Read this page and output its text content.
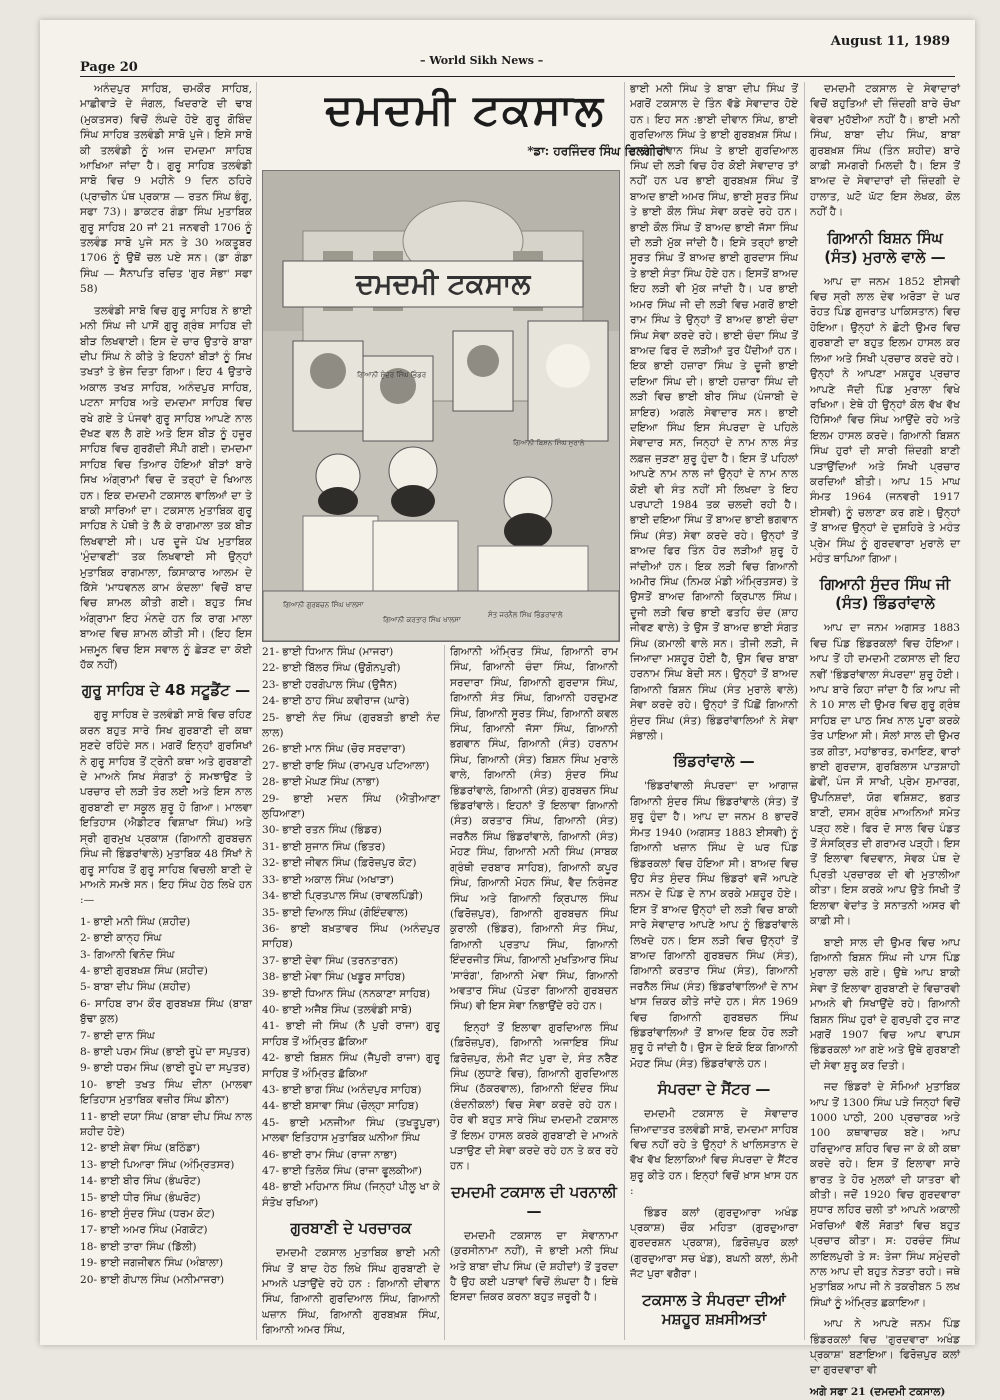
August 11, 1989
Page 20	– World Sikh News –
ਦਮਦਮੀ ਟਕਸਾਲ
*ਡਾ: ਹਰਜਿੰਦਰ ਸਿੰਘ ਦਿਲਗੀਰ*
ਦਮਦਮੀ ਟਕਸਾਲ
ਗਿਆਨੀ ਸੁੰਦਰ ਸਿੰਘ ਭਿੰਡਰ
ਗਿਆਨੀ ਗੁਰਬਚਨ ਸਿੰਘ ਖਾਲਸਾ
ਗਿਆਨੀ ਕਰਤਾਰ ਸਿੰਘ ਖਾਲਸਾ
ਸੰਤ ਜਰਨੈਲ ਸਿੰਘ ਭਿੰਡਰਾਂਵਾਲੇ
ਗਿਆਨੀ ਬਿਸ਼ਨ ਸਿੰਘ ਮੁਰਾਲੇ

ਅਨੰਦਪੁਰ ਸਾਹਿਬ, ਚਮਕੌਰ ਸਾਹਿਬ, ਮਾਛੀਵਾੜੇ ਦੇ ਜੰਗਲ, ਖਿਦਰਾਣੇ ਦੀ ਢਾਬ (ਮੁਕਤਸਰ) ਵਿਚੋਂ ਲੰਘਦੇ ਹੋਏ ਗੁਰੂ ਗੋਬਿੰਦ ਸਿੰਘ ਸਾਹਿਬ ਤਲਵੰਡੀ ਸਾਬੋ ਪੁਜੇ। ਇਸੇ ਸਾਬੋ ਕੀ ਤਲਵੰਡੀ ਨੂੰ ਅਜ ਦਮਦਮਾ ਸਾਹਿਬ ਆਖਿਆ ਜਾਂਦਾ ਹੈ। ਗੁਰੂ ਸਾਹਿਬ ਤਲਵੰਡੀ ਸਾਬੋ ਵਿਚ 9 ਮਹੀਨੇ 9 ਦਿਨ ਠਹਿਰੇ (ਪ੍ਰਾਚੀਨ ਪੰਥ ਪ੍ਰਕਾਸ਼ — ਰਤਨ ਸਿੰਘ ਭੰਗੂ, ਸਫਾ 73)। ਡਾਕਟਰ ਗੰਡਾ ਸਿੰਘ ਮੁਤਾਬਿਕ ਗੁਰੂ ਸਾਹਿਬ 20 ਜਾਂ 21 ਜਨਵਰੀ 1706 ਨੂੰ ਤਲਵੰਡ ਸਾਬੋ ਪੁਜੇ ਸਨ ਤੇ 30 ਅਕਤੂਬਰ 1706 ਨੂੰ ਉਥੋਂ ਚਲ ਪਏ ਸਨ। (ਡਾ ਗੰਡਾ ਸਿੰਘ — ਸੈਨਾਪਤਿ ਰਚਿਤ 'ਗੁਰ ਸੋਭਾ' ਸਫਾ 58)

ਤਲਵੰਡੀ ਸਾਬੋ ਵਿਚ ਗੁਰੂ ਸਾਹਿਬ ਨੇ ਭਾਈ ਮਨੀ ਸਿੰਘ ਜੀ ਪਾਸੋਂ ਗੁਰੂ ਗ੍ਰੰਥ ਸਾਹਿਬ ਦੀ ਬੀੜ ਲਿਖਵਾਈ। ਇਸ ਦੇ ਚਾਰ ਉਤਾਰੇ ਬਾਬਾ ਦੀਪ ਸਿੰਘ ਨੇ ਕੀਤੇ ਤੇ ਇਹਨਾਂ ਬੀੜਾਂ ਨੂੰ ਸਿਖ ਤਖਤਾਂ ਤੇ ਭੇਜ ਦਿਤਾ ਗਿਆ। ਇਹ 4 ਉਤਾਰੇ ਅਕਾਲ ਤਖਤ ਸਾਹਿਬ, ਅਨੰਦਪੁਰ ਸਾਹਿਬ, ਪਟਨਾ ਸਾਹਿਬ ਅਤੇ ਦਮਦਮਾ ਸਾਹਿਬ ਵਿਚ ਰਖੇ ਗਏ ਤੇ ਪੰਜਵਾਂ ਗੁਰੂ ਸਾਹਿਬ ਆਪਣੇ ਨਾਲ ਦੱਖਣ ਵਲ ਲੈ ਗਏ ਅਤੇ ਇਸ ਬੀੜ ਨੂੰ ਹਜ਼ੂਰ ਸਾਹਿਬ ਵਿਚ ਗੁਰਗੱਦੀ ਸੌਂਪੀ ਗਈ। ਦਮਦਮਾ ਸਾਹਿਬ ਵਿਚ ਤਿਆਰ ਹੋਇਆਂ ਬੀੜਾਂ ਬਾਰੇ ਸਿਖ ਅੰਗ੍ਰਾਮਾਂ ਵਿਚ ਦੋ ਤਰ੍ਹਾਂ ਦੇ ਖਿਆਲ ਹਨ। ਇਕ ਦਮਦਮੀ ਟਕਸਾਲ ਵਾਲਿਆਂ ਦਾ ਤੇ ਬਾਕੀ ਸਾਰਿਆਂ ਦਾ। ਟਕਸਾਲ ਮੁਤਾਬਿਕ ਗੁਰੂ ਸਾਹਿਬ ਨੇ ਪੋਥੀ ਤੇ ਲੈ ਕੇ ਰਾਗਮਾਲਾ ਤਕ ਬੀੜ ਲਿਖਵਾਈ ਸੀ। ਪਰ ਦੂਜੇ ਪੱਖ ਮੁਤਾਬਿਕ 'ਮੁੰਦਾਵਣੀ' ਤਕ ਲਿਖਵਾਈ ਸੀ ਉਨ੍ਹਾਂ ਮੁਤਾਬਿਕ ਰਾਗਮਾਲਾ, ਕਿਸਾਕਾਰ ਆਲਮ ਦੇ ਕਿੱਸੇ 'ਮਾਧਵਨਲ ਕਾਮ ਕੰਦਲਾ' ਵਿਚੋਂ ਬਾਦ ਵਿਚ ਸ਼ਾਮਲ ਕੀਤੀ ਗਈ। ਬਹੁਤ ਸਿਖ ਅੰਗ੍ਰਾਮਾ ਇਹ ਮੰਨਦੇ ਹਨ ਕਿ ਰਾਗ ਮਾਲਾ ਬਾਅਦ ਵਿਚ ਸ਼ਾਮਲ ਕੀਤੀ ਸੀ। (ਇਹ ਇਸ ਮਜ਼ਮੂਨ ਵਿਚ ਇਸ ਸਵਾਲ ਨੂੰ ਛੇੜਣ ਦਾ ਕੋਈ ਹੱਕ ਨਹੀਂ)

ਗੁਰੂ ਸਾਹਿਬ ਦੇ 48 ਸਟੂਡੈਂਟ —

ਗੁਰੂ ਸਾਹਿਬ ਦੇ ਤਲਵੰਡੀ ਸਾਬੋ ਵਿਚ ਰਹਿਣ ਕਰਨ ਬਹੁਤ ਸਾਰੇ ਸਿਖ ਗੁਰਬਾਣੀ ਦੀ ਕਥਾ ਸੁਣਦੇ ਰਹਿੰਦੇ ਸਨ। ਮਗਰੋਂ ਇਨ੍ਹਾਂ ਗੁਰਸਿਖਾਂ ਨੇ ਗੁਰੂ ਸਾਹਿਬ ਤੋਂ ਟ੍ਰੇਨੀ ਕਥਾ ਅਤੇ ਗੁਰਬਾਣੀ ਦੇ ਮਾਅਨੇ ਸਿਖ ਸੰਗਤਾਂ ਨੂੰ ਸਮਝਾਉਣ ਤੇ ਪਰਚਾਰ ਦੀ ਲੜੀ ਤੋਰ ਲਈ ਅਤੇ ਇਸ ਨਾਲ ਗੁਰਬਾਣੀ ਦਾ ਸਕੂਲ ਸ਼ੁਰੂ ਹੋ ਗਿਆ। ਮਾਲਵਾ ਇਤਿਹਾਸ (ਐਡੀਟਰ ਵਿਸ਼ਾਖਾ ਸਿੰਘ) ਅਤੇ ਸ੍ਰੀ ਗੁਰਮੁਖ ਪ੍ਰਕਾਸ਼ (ਗਿਆਨੀ ਗੁਰਬਚਨ ਸਿੰਘ ਜੀ ਭਿੰਡਰਾਂਵਾਲੇ) ਮੁਤਾਬਿਕ 48 ਸਿੱਖਾਂ ਨੇ ਗੁਰੂ ਸਾਹਿਬ ਤੋਂ ਗੁਰੂ ਸਾਹਿਬ ਵਿਚਲੀ ਬਾਣੀ ਦੇ ਮਾਅਨੇ ਸਮਝੇ ਸਨ। ਇਹ ਸਿੰਘ ਹੇਠ ਲਿਖੇ ਹਨ :—

1- ਭਾਈ ਮਨੀ ਸਿੰਘ (ਸ਼ਹੀਦ)
2- ਭਾਈ ਕਾਨ੍ਹ ਸਿੰਘ
3- ਗਿਆਨੀ ਵਿਨੋਦ ਸਿੰਘ
4- ਭਾਈ ਗੁਰਬਖਸ਼ ਸਿੰਘ (ਸ਼ਹੀਦ)
5- ਬਾਬਾ ਦੀਪ ਸਿੰਘ (ਸ਼ਹੀਦ)
6- ਸਾਹਿਬ ਰਾਮ ਕੌਰ ਗੁਰਬਖਸ਼ ਸਿੰਘ (ਬਾਬਾ ਬੁੱਢਾ ਕੁਲ)
7- ਭਾਈ ਦਾਨ ਸਿੰਘ
8- ਭਾਈ ਪਰਮ ਸਿੰਘ (ਭਾਈ ਰੂਪੇ ਦਾ ਸਪੁਤਰ)
9- ਭਾਈ ਧਰਮ ਸਿੰਘ (ਭਾਈ ਰੂਪੇ ਦਾ ਸਪੁਤਰ)
10- ਭਾਈ ਤਖਤ ਸਿੰਘ ਦੀਨਾ (ਮਾਲਵਾ ਇਤਿਹਾਸ ਮੁਤਾਬਿਕ ਵਜ਼ੀਰ ਸਿੰਘ ਡੀਨਾ)
11- ਭਾਈ ਦਯਾ ਸਿੰਘ (ਬਾਬਾ ਦੀਪ ਸਿੰਘ ਨਾਲ ਸ਼ਹੀਦ ਹੋਏ)
12- ਭਾਈ ਸ਼ੇਵਾ ਸਿੰਘ (ਬਠਿੰਡਾ)
13- ਭਾਈ ਪਿਆਰਾ ਸਿੰਘ (ਅੰਮ੍ਰਿਤਸਰ)
14- ਭਾਈ ਬੀਰ ਸਿੰਘ (ਭੰਘਰੋਟ)
15- ਭਾਈ ਧੀਰ ਸਿੰਘ (ਭੰਘਰੋਟ)
16- ਭਾਈ ਸੁੰਦਰ ਸਿੰਘ (ਧਰਮ ਕੋਟ)
17- ਭਾਈ ਅਮਰ ਸਿੰਘ (ਮੋਗਕੋਟ)
18- ਭਾਈ ਤਾਰਾ ਸਿੰਘ (ਡਿੱਲੀ)
19- ਭਾਈ ਜਗਜੀਵਨ ਸਿੰਘ (ਅੰਬਾਲਾ)
20- ਭਾਈ ਗੋਪਾਲ ਸਿੰਘ (ਮਨੀਮਾਜਰਾ)
21- ਭਾਈ ਧਿਆਨ ਸਿੰਘ (ਮਾਜਰਾ)
22- ਭਾਈ ਬਿੱਲਰ ਸਿੰਘ (ਉਗੋਨਪੁਰੀ)
23- ਭਾਈ ਹਰਗੋਪਾਲ ਸਿੰਘ (ਉਜੈਨ)
24- ਭਾਈ ਠਾਹ ਸਿੰਘ ਕਵੀਰਾਜ (ਘਾਰੇ)
25- ਭਾਈ ਨੰਦ ਸਿੰਘ (ਗੁਰਬਤੀ ਭਾਈ ਨੰਦ ਲਾਲ)
26- ਭਾਈ ਮਾਨ ਸਿੰਘ (ਚੋਰ ਸਰਦਾਰਾ)
27- ਭਾਈ ਰਾਇ ਸਿੰਘ (ਰਾਮਪੁਰ ਪਟਿਆਲਾ)
28- ਭਾਈ ਮੇਘਣ ਸਿੰਘ (ਨਾਭਾ)
29- ਭਾਈ ਮਦਨ ਸਿੰਘ (ਐਤੀਆਣਾ ਲੁਧਿਆਣਾ)
30- ਭਾਈ ਰਤਨ ਸਿੰਘ (ਭਿੰਡਰ)
31- ਭਾਈ ਸੁਜਾਨ ਸਿੰਘ (ਭਿਤਰ)
32- ਭਾਈ ਜੀਵਨ ਸਿੰਘ (ਫ਼ਿਰੋਜ਼ਪੁਰ ਕੋਟ)
33- ਭਾਈ ਅਕਾਲ ਸਿੰਘ (ਅਖਾੜਾ)
34- ਭਾਈ ਪ੍ਰਿਤਪਾਲ ਸਿੰਘ (ਰਾਵਲਪਿੰਡੀ)
35- ਭਾਈ ਦਿਆਲ ਸਿੰਘ (ਗੋਇੰਦਵਾਲ)
36- ਭਾਈ ਬਖ਼ਤਾਵਰ ਸਿੰਘ (ਅਨੰਦਪੁਰ ਸਾਹਿਬ)
37- ਭਾਈ ਦੇਵਾ ਸਿੰਘ (ਤਰਨਤਾਰਨ)
38- ਭਾਈ ਮੇਵਾ ਸਿੰਘ (ਖਡੂਰ ਸਾਹਿਬ)
39- ਭਾਈ ਧਿਆਨ ਸਿੰਘ (ਨਨਕਾਣਾ ਸਾਹਿਬ)
40- ਭਾਈ ਅਜੈਬ ਸਿੰਘ (ਤਲਵੰਡੀ ਸਾਬੋ)
41- ਭਾਈ ਜੀ ਸਿੰਘ (ਨੈ ਪੁਰੀ ਰਾਜਾ) ਗੁਰੂ ਸਾਹਿਬ ਤੋਂ ਅੰਮ੍ਰਿਤ ਛੱਕਿਆ
42- ਭਾਈ ਬਿਸ਼ਨ ਸਿੰਘ (ਜੈਪੁਰੀ ਰਾਜਾ) ਗੁਰੂ ਸਾਹਿਬ ਤੋਂ ਅੰਮ੍ਰਿਤ ਛੱਕਿਆ
43- ਭਾਈ ਭਾਗ ਸਿੰਘ (ਅਨੰਦਪੁਰ ਸਾਹਿਬ)
44- ਭਾਈ ਬਸਾਵਾ ਸਿੰਘ (ਚੋਲ੍ਹਾ ਸਾਹਿਬ)
45- ਭਾਈ ਮਨਜੀਆ ਸਿੰਘ (ਤਖਤੂਪੁਰਾ) ਮਾਲਵਾ ਇਤਿਹਾਸ ਮੁਤਾਬਿਕ ਘਨੀਆ ਸਿੰਘ
46- ਭਾਈ ਰਾਮ ਸਿੰਘ (ਰਾਜਾ ਨਾਭਾ)
47- ਭਾਈ ਤਿਲੋਕ ਸਿੰਘ (ਰਾਜਾ ਫੂਲਕੀਆ)
48- ਭਾਈ ਮਹਿਮਾਨ ਸਿੰਘ (ਜਿਨ੍ਹਾਂ ਪੀਲੂ ਖਾ ਕੇ ਸੰਤੋਖ ਰਖਿਆ)
ਗੁਰਬਾਣੀ ਦੇ ਪਰਚਾਰਕ

ਦਮਦਮੀ ਟਕਸਾਲ ਮੁਤਾਬਿਕ ਭਾਈ ਮਨੀ ਸਿੰਘ ਤੋਂ ਬਾਦ ਹੇਠ ਲਿਖੇ ਸਿੰਘ ਗੁਰਬਾਣੀ ਦੇ ਮਾਅਨੇ ਪੜਾਉਂਦੇ ਰਹੇ ਹਨ : ਗਿਆਨੀ ਦੀਵਾਨ ਸਿੰਘ, ਗਿਆਨੀ ਗੁਰਦਿਆਲ ਸਿੰਘ, ਗਿਆਨੀ ਘਜ਼ਾਨ ਸਿੰਘ, ਗਿਆਨੀ ਗੁਰਬਖ਼ਸ਼ ਸਿੰਘ, ਗਿਆਨੀ ਅਮਰ ਸਿੰਘ,

ਗਿਆਨੀ ਅੰਮ੍ਰਿਤ ਸਿੰਘ, ਗਿਆਨੀ ਰਾਮ ਸਿੰਘ, ਗਿਆਨੀ ਚੰਦਾ ਸਿੰਘ, ਗਿਆਨੀ ਸਰਦਾਰਾ ਸਿੰਘ, ਗਿਆਨੀ ਗੁਰਦਾਸ ਸਿੰਘ, ਗਿਆਨੀ ਸੰਤ ਸਿੰਘ, ਗਿਆਨੀ ਹਰਦੁਮਣ ਸਿੰਘ, ਗਿਆਨੀ ਸੂਰਤ ਸਿੰਘ, ਗਿਆਨੀ ਕਵਲ ਸਿੰਘ, ਗਿਆਨੀ ਜੱਸਾ ਸਿੰਘ, ਗਿਆਨੀ ਭਗਵਾਨ ਸਿੰਘ, ਗਿਆਨੀ (ਸੰਤ) ਹਰਨਾਮ ਸਿੰਘ, ਗਿਆਨੀ (ਸੰਤ) ਬਿਸ਼ਨ ਸਿੰਘ ਮੁਰਾਲੇ ਵਾਲੇ, ਗਿਆਨੀ (ਸੰਤ) ਸੁੰਦਰ ਸਿੰਘ ਭਿੰਡਰਾਂਵਾਲੇ, ਗਿਆਨੀ (ਸੰਤ) ਗੁਰਬਚਨ ਸਿੰਘ ਭਿੰਡਰਾਂਵਾਲੇ। ਇਹਨਾਂ ਤੋਂ ਇਲਾਵਾ ਗਿਆਨੀ (ਸੰਤ) ਕਰਤਾਰ ਸਿੰਘ, ਗਿਆਨੀ (ਸੰਤ) ਜਰਨੈਲ ਸਿੰਘ ਭਿੰਡਰਾਂਵਾਲੇ, ਗਿਆਨੀ (ਸੰਤ) ਮੋਹਣ ਸਿੰਘ, ਗਿਆਨੀ ਮਨੀ ਸਿੰਘ (ਸਾਬਕ ਗ੍ਰੰਥੀ ਦਰਬਾਰ ਸਾਹਿਬ), ਗਿਆਨੀ ਕਪੂਰ ਸਿੰਘ, ਗਿਆਨੀ ਮੋਹਨ ਸਿੰਘ, ਵੈਦ ਨਿਰੰਜਣ ਸਿੰਘ ਅਤੇ ਗਿਆਨੀ ਕ੍ਰਿਪਾਲ ਸਿੰਘ (ਫਿਰੋਜ਼ਪੁਰ), ਗਿਆਨੀ ਗੁਰਬਚਨ ਸਿੰਘ ਕੁਰਾਲੀ (ਭਿੰਡਰ), ਗਿਆਨੀ ਸੰਤ ਸਿੰਘ, ਗਿਆਨੀ ਪ੍ਰਤਾਪ ਸਿੰਘ, ਗਿਆਨੀ ਇੰਦਰਜੀਤ ਸਿੰਘ, ਗਿਆਨੀ ਮੁਖਤਿਆਰ ਸਿੰਘ 'ਸਾਰੰਗ', ਗਿਆਨੀ ਮੇਵਾ ਸਿੰਘ, ਗਿਆਨੀ ਅਵਤਾਰ ਸਿੰਘ (ਪੋਤਰਾ ਗਿਆਨੀ ਗੁਰਬਚਨ ਸਿੰਘ) ਵੀ ਇਸ ਸੇਵਾ ਨਿਭਾਉਂਦੇ ਰਹੇ ਹਨ।

ਇਨ੍ਹਾਂ ਤੋਂ ਇਲਾਵਾ ਗੁਰਦਿਆਲ ਸਿੰਘ (ਫ਼ਿਰੋਜ਼ਪੁਰ), ਗਿਆਨੀ ਅਜਾਇਬ ਸਿੰਘ ਫ਼ਿਰੋਜ਼ਪੁਰ, ਲੰਮੀ ਜੱਟ ਪੁਰਾ ਦੇ, ਸੰਤ ਨਰੈਣ ਸਿੰਘ (ਲੁਧਾਣੇ ਵਿਚ), ਗਿਆਨੀ ਗੁਰਦਿਆਲ ਸਿੰਘ (ਠੱਕਰਵਾਲ), ਗਿਆਨੀ ਇੰਦਰ ਸਿੰਘ (ਬੰਦਨੀਕਲਾਂ) ਵਿਚ ਸੇਵਾ ਕਰਦੇ ਰਹੇ ਹਨ। ਹੋਰ ਵੀ ਬਹੁਤ ਸਾਰੇ ਸਿੰਘ ਦਮਦਮੀ ਟਕਸਾਲ ਤੋਂ ਇਲਮ ਹਾਸਲ ਕਰਕੇ ਗੁਰਬਾਣੀ ਦੇ ਮਾਅਨੇ ਪੜਾਉਣ ਦੀ ਸੇਵਾ ਕਰਦੇ ਰਹੇ ਹਨ ਤੇ ਕਰ ਰਹੇ ਹਨ।

ਦਮਦਮੀ ਟਕਸਾਲ ਦੀ ਪਰਨਾਲੀ —

ਦਮਦਮੀ ਟਕਸਾਲ ਦਾ ਸੇਵਾਨਾਮਾ (ਕੁਰਸੀਨਾਮਾ ਨਹੀਂ), ਜੋ ਭਾਈ ਮਨੀ ਸਿੰਘ ਅਤੇ ਬਾਬਾ ਦੀਪ ਸਿੰਘ (ਦੋ ਸ਼ਹੀਦਾਂ) ਤੋਂ ਤੁਰਦਾ ਹੈ ਉਹ ਕਈ ਪੜਾਵਾਂ ਵਿਚੋਂ ਲੰਘਦਾ ਹੈ। ਇਥੇ ਇਸਦਾ ਜ਼ਿਕਰ ਕਰਨਾ ਬਹੁਤ ਜ਼ਰੂਰੀ ਹੈ।

ਭਾਈ ਮਨੀ ਸਿੰਘ ਤੇ ਬਾਬਾ ਦੀਪ ਸਿੰਘ ਤੋਂ ਮਗਰੋਂ ਟਕਸਾਲ ਦੇ ਤਿੰਨ ਵੱਡੇ ਸੇਵਾਦਾਰ ਹੋਏ ਹਨ। ਇਹ ਸਨ :ਭਾਈ ਦੀਵਾਨ ਸਿੰਘ, ਭਾਈ ਗੁਰਦਿਆਲ ਸਿੰਘ ਤੇ ਭਾਈ ਗੁਰਬਖ਼ਸ਼ ਸਿੰਘ। ਭਾਈ ਦੀਵਾਨ ਸਿੰਘ ਤੇ ਭਾਈ ਗੁਰਦਿਆਲ ਸਿੰਘ ਦੀ ਲੜੀ ਵਿਚ ਹੋਰ ਕੋਈ ਸੇਵਾਦਾਰ ਤਾਂ ਨਹੀਂ ਹਨ ਪਰ ਭਾਈ ਗੁਰਬਖ਼ਸ਼ ਸਿੰਘ ਤੋਂ ਬਾਅਦ ਭਾਈ ਅਮਰ ਸਿੰਘ, ਭਾਈ ਸੂਰਤ ਸਿੰਘ ਤੇ ਭਾਈ ਕੌਲ ਸਿੰਘ ਸੇਵਾ ਕਰਦੇ ਰਹੇ ਹਨ। ਭਾਈ ਕੌਲ ਸਿੰਘ ਤੋਂ ਬਾਅਦ ਭਾਈ ਜੱਸਾ ਸਿੰਘ ਦੀ ਲੜੀ ਮੁੱਕ ਜਾਂਦੀ ਹੈ। ਇਸੇ ਤਰ੍ਹਾਂ ਭਾਈ ਸੂਰਤ ਸਿੰਘ ਤੋਂ ਬਾਅਦ ਭਾਈ ਗੁਰਦਾਸ ਸਿੰਘ ਤੇ ਭਾਈ ਸੰਤਾ ਸਿੰਘ ਹੋਏ ਹਨ। ਇਸਤੋਂ ਬਾਅਦ ਇਹ ਲੜੀ ਵੀ ਮੁੱਕ ਜਾਂਦੀ ਹੈ। ਪਰ ਭਾਈ ਅਮਰ ਸਿੰਘ ਜੀ ਦੀ ਲੜੀ ਵਿਚ ਮਗਰੋਂ ਭਾਈ ਰਾਮ ਸਿੰਘ ਤੇ ਉਨ੍ਹਾਂ ਤੋਂ ਬਾਅਦ ਭਾਈ ਚੰਦਾ ਸਿੰਘ ਸੇਵਾ ਕਰਦੇ ਰਹੇ। ਭਾਈ ਚੰਦਾ ਸਿੰਘ ਤੋਂ ਬਾਅਦ ਫਿਰ ਦੋ ਲੜੀਆਂ ਤੁਰ ਪੈਂਦੀਆਂ ਹਨ। ਇਕ ਭਾਈ ਹਜ਼ਾਰਾ ਸਿੰਘ ਤੇ ਦੂਜੀ ਭਾਈ ਦਇਆ ਸਿੰਘ ਦੀ। ਭਾਈ ਹਜ਼ਾਰਾ ਸਿੰਘ ਦੀ ਲੜੀ ਵਿਚ ਭਾਈ ਬੀਰ ਸਿੰਘ (ਪੰਜਾਬੀ ਦੇ ਸ਼ਾਇਰ) ਅਗਲੇ ਸੇਵਾਦਾਰ ਸਨ। ਭਾਈ ਦਇਆ ਸਿੰਘ ਇਸ ਸੰਪਰਦਾ ਦੇ ਪਹਿਲੇ ਸੇਵਾਦਾਰ ਸਨ, ਜਿਨ੍ਹਾਂ ਦੇ ਨਾਮ ਨਾਲ ਸੰਤ ਲਫ਼ਜ਼ ਜੁੜਣਾ ਸ਼ੁਰੂ ਹੁੰਦਾ ਹੈ। ਇਸ ਤੋਂ ਪਹਿਲਾਂ ਆਪਣੇ ਨਾਮ ਨਾਲ ਜਾਂ ਉਨ੍ਹਾਂ ਦੇ ਨਾਮ ਨਾਲ ਕੋਈ ਵੀ ਸੰਤ ਨਹੀਂ ਸੀ ਲਿਖਦਾ ਤੇ ਇਹ ਪਰਪਾਟੀ 1984 ਤਕ ਚਲਦੀ ਰਹੀ ਹੈ। ਭਾਈ ਦਇਆ ਸਿੰਘ ਤੋਂ ਬਾਅਦ ਭਾਈ ਭਗਵਾਨ ਸਿੰਘ (ਸੰਤ) ਸੇਵਾ ਕਰਦੇ ਰਹੇ। ਉਨ੍ਹਾਂ ਤੋਂ ਬਾਅਦ ਫਿਰ ਤਿੰਨ ਹੋਰ ਲੜੀਆਂ ਸ਼ੁਰੂ ਹੋ ਜਾਂਦੀਆਂ ਹਨ। ਇਕ ਲੜੀ ਵਿਚ ਗਿਆਨੀ ਅਮੀਰ ਸਿੰਘ (ਨਿਮਕ ਮੰਡੀ ਅੰਮ੍ਰਿਤਸਰ) ਤੇ ਉਸਤੋਂ ਬਾਅਦ ਗਿਆਨੀ ਕ੍ਰਿਪਾਲ ਸਿੰਘ। ਦੂਜੀ ਲੜੀ ਵਿਚ ਭਾਈ ਫਤਹਿ ਚੰਦ (ਸ਼ਾਹ ਜੀਵਣ ਵਾਲੇ) ਤੇ ਉਸ ਤੋਂ ਬਾਅਦ ਭਾਈ ਸੰਗਤ ਸਿੰਘ (ਕਮਾਲੀ ਵਾਲੇ ਸਨ। ਤੀਜੀ ਲੜੀ, ਜੋ ਜਿਆਦਾ ਮਸ਼ਹੂਰ ਹੋਈ ਹੈ, ਉਸ ਵਿਚ ਬਾਬਾ ਹਰਨਾਮ ਸਿੰਘ ਬੇਦੀ ਸਨ। ਉਨ੍ਹਾਂ ਤੋਂ ਬਾਅਦ ਗਿਆਨੀ ਬਿਸ਼ਨ ਸਿੰਘ (ਸੰਤ ਮੁਰਾਲੇ ਵਾਲੇ) ਸੇਵਾ ਕਰਦੇ ਰਹੇ। ਉਨ੍ਹਾਂ ਤੋਂ ਪਿੱਛੋਂ ਗਿਆਨੀ ਸੁੰਦਰ ਸਿੰਘ (ਸੰਤ) ਭਿੰਡਰਾਂਵਾਲਿਆਂ ਨੇ ਸੇਵਾ ਸੰਭਾਲੀ।

ਭਿੰਡਰਾਂਵਾਲੇ —

'ਭਿੰਡਰਾਂਵਾਲੀ ਸੰਪਰਦਾ' ਦਾ ਆਗਾਜ਼ ਗਿਆਨੀ ਸੁੰਦਰ ਸਿੰਘ ਭਿੰਡਰਾਂਵਾਲੇ (ਸੰਤ) ਤੋਂ ਸ਼ੁਰੂ ਹੁੰਦਾ ਹੈ। ਆਪ ਦਾ ਜਨਮ 8 ਭਾਦਰੋਂ ਸੰਮਤ 1940 (ਅਗਸਤ 1883 ਈਸਵੀ) ਨੂੰ ਗਿਆਨੀ ਖਜ਼ਾਨ ਸਿੰਘ ਦੇ ਘਰ ਪਿੰਡ ਭਿੰਡਰਕਲਾਂ ਵਿਚ ਹੋਇਆ ਸੀ। ਬਾਅਦ ਵਿਚ ਉਹ ਸੰਤ ਸੁੰਦਰ ਸਿੰਘ ਭਿੰਡਰਾਂ ਵਜੋਂ ਆਪਣੇ ਜਨਮ ਦੇ ਪਿੰਡ ਦੇ ਨਾਮ ਕਰਕੇ ਮਸ਼ਹੂਰ ਹੋਏ। ਇਸ ਤੋਂ ਬਾਅਦ ਉਨ੍ਹਾਂ ਦੀ ਲੜੀ ਵਿਚ ਬਾਕੀ ਸਾਰੇ ਸੇਵਾਦਾਰ ਆਪਣੇ ਆਪ ਨੂੰ ਭਿੰਡਰਾਂਵਾਲੇ ਲਿਖਦੇ ਹਨ। ਇਸ ਲੜੀ ਵਿਚ ਉਨ੍ਹਾਂ ਤੋਂ ਬਾਅਦ ਗਿਆਨੀ ਗੁਰਬਚਨ ਸਿੰਘ (ਸੰਤ), ਗਿਆਨੀ ਕਰਤਾਰ ਸਿੰਘ (ਸੰਤ), ਗਿਆਨੀ ਜਰਨੈਲ ਸਿੰਘ (ਸੰਤ) ਭਿੰਡਰਾਂਵਾਲਿਆਂ ਦੇ ਨਾਮ ਖਾਸ ਜ਼ਿਕਰ ਕੀਤੇ ਜਾਂਦੇ ਹਨ। ਸੰਨ 1969 ਵਿਚ ਗਿਆਨੀ ਗੁਰਬਚਨ ਸਿੰਘ ਭਿੰਡਰਾਂਵਾਲਿਆਂ ਤੋਂ ਬਾਅਦ ਇਕ ਹੋਰ ਲੜੀ ਸ਼ੁਰੂ ਹੋ ਜਾਂਦੀ ਹੈ। ਉਸ ਦੇ ਇਕੋ ਇਕ ਗਿਆਨੀ ਮੋਹਣ ਸਿੰਘ (ਸੰਤ) ਭਿੰਡਰਾਂਵਾਲੇ ਹਨ।

ਸੰਪਰਦਾ ਦੇ ਸੈਂਟਰ —

ਦਮਦਮੀ ਟਕਸਾਲ ਦੇ ਸੇਵਾਦਾਰ ਜ਼ਿਆਦਾਤਰ ਤਲਵੰਡੀ ਸਾਬੋ, ਦਮਦਮਾ ਸਾਹਿਬ ਵਿਚ ਨਹੀਂ ਰਹੇ ਤੇ ਉਨ੍ਹਾਂ ਨੇ ਖਾਲਿਸਤਾਨ ਦੇ ਵੱਖ ਵੱਖ ਇਲਾਕਿਆਂ ਵਿਚ ਸੰਪਰਦਾ ਦੇ ਸੈਂਟਰ ਸ਼ੁਰੂ ਕੀਤੇ ਹਨ। ਇਨ੍ਹਾਂ ਵਿਚੋਂ ਖ਼ਾਸ ਖ਼ਾਸ ਹਨ :

ਭਿੰਡਰ ਕਲਾਂ (ਗੁਰਦੁਆਰਾ ਅਖੰਡ ਪ੍ਰਕਾਸ਼) ਚੌਕ ਮਹਿਤਾ (ਗੁਰਦੁਆਰਾ ਗੁਰਦਰਸ਼ਨ ਪ੍ਰਕਾਸ਼), ਫ਼ਿਰੋਜ਼ਪੁਰ ਕਲਾਂ (ਗੁਰਦੁਆਰਾ ਸਚ ਖੰਡ), ਬਘਨੀ ਕਲਾਂ, ਲੰਮੀ ਜੱਟ ਪੁਰਾ ਵਗੈਰਾ।

ਟਕਸਾਲ ਤੇ ਸੰਪਰਦਾ ਦੀਆਂ ਮਸ਼ਹੂਰ ਸ਼ਖ਼ਸੀਅਤਾਂ

ਦਮਦਮੀ ਟਕਸਾਲ ਦੇ ਸੇਵਾਦਾਰਾਂ ਵਿਚੋਂ ਬਹੁਤਿਆਂ ਦੀ ਜ਼ਿੰਦਗੀ ਬਾਰੇ ਚੋਖਾ ਵੇਰਵਾ ਮੁਹੱਈਆ ਨਹੀਂ ਹੈ। ਭਾਈ ਮਨੀ ਸਿੰਘ, ਬਾਬਾ ਦੀਪ ਸਿੰਘ, ਬਾਬਾ ਗੁਰਬਖ਼ਸ਼ ਸਿੰਘ (ਤਿੰਨ ਸ਼ਹੀਦ) ਬਾਰੇ ਕਾਫ਼ੀ ਸਮਗਰੀ ਮਿਲਦੀ ਹੈ। ਇਸ ਤੋਂ ਬਾਅਦ ਦੇ ਸੇਵਾਦਾਰਾਂ ਦੀ ਜ਼ਿੰਦਗੀ ਦੇ ਹਾਲਾਤ, ਘਟੋ ਘੱਟ ਇਸ ਲੇਖਕ, ਕੋਲ ਨਹੀਂ ਹੈ।

ਗਿਆਨੀ ਬਿਸ਼ਨ ਸਿੰਘ (ਸੰਤ) ਮੁਰਾਲੇ ਵਾਲੇ —

ਆਪ ਦਾ ਜਨਮ 1852 ਈਸਵੀ ਵਿਚ ਸ੍ਰੀ ਲਾਲ ਦੇਵ ਅਰੋੜਾ ਦੇ ਘਰ ਰੋਹਤ ਪਿੰਡ ਗੁਜਰਾਤ ਪਾਕਿਸਤਾਨ) ਵਿਚ ਹੋਇਆ। ਉਨ੍ਹਾਂ ਨੇ ਛੋਟੀ ਉਮਰ ਵਿਚ ਗੁਰਬਾਣੀ ਦਾ ਬਹੁਤ ਇਲਮ ਹਾਸਲ ਕਰ ਲਿਆ ਅਤੇ ਸਿਖੀ ਪ੍ਰਚਾਰ ਕਰਦੇ ਰਹੇ। ਉਨ੍ਹਾਂ ਨੇ ਆਪਣਾ ਮਸ਼ਹੂਰ ਪ੍ਰਚਾਰ ਆਪਣੇ ਜੱਦੀ ਪਿੰਡ ਮੁਰਾਲਾ ਵਿਖੇ ਰਖਿਆ। ਏਥੇ ਹੀ ਉਨ੍ਹਾਂ ਕੋਲ ਵੱਖ ਵੱਖ ਹਿੱਸਿਆਂ ਵਿਚ ਸਿੰਘ ਆਉਂਦੇ ਰਹੇ ਅਤੇ ਇਲਮ ਹਾਸਲ ਕਰਦੇ। ਗਿਆਨੀ ਬਿਸ਼ਨ ਸਿੰਘ ਹੁਰਾਂ ਦੀ ਸਾਰੀ ਜ਼ਿੰਦਗੀ ਬਾਣੀ ਪੜਾਉਂਦਿਆਂ ਅਤੇ ਸਿਖੀ ਪ੍ਰਚਾਰ ਕਰਦਿਆਂ ਬੀਤੀ। ਆਪ 15 ਮਾਘ ਸੰਮਤ 1964 (ਜਨਵਰੀ 1917 ਈਸਵੀ) ਨੂੰ ਚਲਾਣਾ ਕਰ ਗਏ। ਉਨ੍ਹਾਂ ਤੋਂ ਬਾਅਦ ਉਨ੍ਹਾਂ ਦੇ ਦੁਸ਼ਹਿਰੇ ਤੇ ਮਹੰਤ ਪ੍ਰੇਮ ਸਿੰਘ ਨੂੰ ਗੁਰਦਵਾਰਾ ਮੁਰਾਲੇ ਦਾ ਮਹੰਤ ਥਾਪਿਆ ਗਿਆ।

ਗਿਆਨੀ ਸੁੰਦਰ ਸਿੰਘ ਜੀ (ਸੰਤ) ਭਿੰਡਰਾਂਵਾਲੇ

ਆਪ ਦਾ ਜਨਮ ਅਗਸਤ 1883 ਵਿਚ ਪਿੰਡ ਭਿੰਡਰਕਲਾਂ ਵਿਚ ਹੋਇਆ। ਆਪ ਤੋਂ ਹੀ ਦਮਦਮੀ ਟਕਸਾਲ ਦੀ ਇਹ ਨਵੀਂ 'ਭਿੰਡਰਾਂਵਾਲਾ ਸੰਪਰਦਾ' ਸ਼ੁਰੂ ਹੋਈ। ਆਪ ਬਾਰੇ ਕਿਹਾ ਜਾਂਦਾ ਹੈ ਕਿ ਆਪ ਜੀ ਨੇ 10 ਸਾਲ ਦੀ ਉਮਰ ਵਿਚ ਗੁਰੂ ਗ੍ਰੰਥ ਸਾਹਿਬ ਦਾ ਪਾਠ ਸਿਖ ਨਾਲ ਪੂਰਾ ਕਰਕੇ ਤੋਰ ਪਾਇਆ ਸੀ। ਸੋਲਾਂ ਸਾਲ ਦੀ ਉਮਰ ਤਕ ਗੀਤਾ, ਮਹਾਂਭਾਰਤ, ਰਮਾਇਣ, ਵਾਰਾਂ ਭਾਈ ਗੁਰਦਾਸ, ਗੁਰਬਿਲਾਸ ਪਾਤਸ਼ਾਹੀ ਛੇਵੀਂ, ਪੰਜ ਸੌ ਸਾਖੀ, ਪ੍ਰੇਮ ਸੁਮਾਰਗ, ਉਪਨਿਸ਼ਦਾਂ, ਯੋਗ ਵਸ਼ਿਸ਼ਟ, ਭਗਤ ਬਾਣੀ, ਦਸਮ ਗ੍ਰੰਥ ਮਾਅਨਿਆਂ ਸਮੇਤ ਪੜ੍ਹ ਲਏ। ਫਿਰ ਦੋ ਸਾਲ ਵਿਚ ਪੰਡਤ ਤੋਂ ਸੰਸਕ੍ਰਿਤ ਦੀ ਗਰਾਮਰ ਪੜ੍ਹੀ। ਇਸ ਤੋਂ ਇਲਾਵਾ ਵਿਦਵਾਨ, ਸੇਵਕ ਪੰਥ ਦੇ ਪ੍ਰਿਤੀ ਪ੍ਰਚਾਰਕ ਦੀ ਵੀ ਮੁਤਾਲੀਆ ਕੀਤਾ। ਇਸ ਕਰਕੇ ਆਪ ਉਤੇ ਸਿਖੀ ਤੋਂ ਇਲਾਵਾ ਵੇਦਾਂਤ ਤੇ ਸਨਾਤਨੀ ਅਸਰ ਵੀ ਕਾਫ਼ੀ ਸੀ।

ਬਾਈ ਸਾਲ ਦੀ ਉਮਰ ਵਿਚ ਆਪ ਗਿਆਨੀ ਬਿਸ਼ਨ ਸਿੰਘ ਜੀ ਪਾਸ ਪਿੰਡ ਮੁਰਾਲਾ ਚਲੇ ਗਏ। ਉਥੇ ਆਪ ਬਾਕੀ ਸੇਵਾ ਤੋਂ ਇਲਾਵਾ ਗੁਰਬਾਣੀ ਦੇ ਵਿਚਾਰਵੀ ਮਾਅਨੇ ਵੀ ਸਿਖਾਉਂਦੇ ਰਹੇ। ਗਿਆਨੀ ਬਿਸ਼ਨ ਸਿੰਘ ਹੁਰਾਂ ਦੇ ਗੁਰਪੁਰੀ ਟੁਰ ਜਾਣ ਮਗਰੋਂ 1907 ਵਿਚ ਆਪ ਵਾਪਸ ਭਿੰਡਰਕਲਾਂ ਆ ਗਏ ਅਤੇ ਉਥੇ ਗੁਰਬਾਣੀ ਦੀ ਸੇਵਾ ਸ਼ੁਰੂ ਕਰ ਦਿਤੀ।

ਜਦ ਭਿੰਡਰਾਂ ਦੇ ਸੋਮਿਆਂ ਮੁਤਾਬਿਕ ਆਪ ਤੋਂ 1300 ਸਿੰਘ ਪੜੇ ਜਿਨ੍ਹਾਂ ਵਿਚੋਂ 1000 ਪਾਠੀ, 200 ਪ੍ਰਚਾਰਕ ਅਤੇ 100 ਕਥਾਵਾਚਕ ਬਣੇ। ਆਪ ਹਰਿਦੁਆਰ ਸ਼ਹਿਰ ਵਿਚ ਜਾ ਕੇ ਕੀ ਕਥਾ ਕਰਦੇ ਰਹੇ। ਇਸ ਤੋਂ ਇਲਾਵਾ ਸਾਰੇ ਭਾਰਤ ਤੇ ਹੋਰ ਮੁਲਕਾਂ ਦੀ ਯਾਤਰਾ ਵੀ ਕੀਤੀ। ਜਦੋਂ 1920 ਵਿਚ ਗੁਰਦਵਾਰਾ ਸੁਧਾਰ ਲਹਿਰ ਚਲੀ ਤਾਂ ਆਪਨੇ ਅਕਾਲੀ ਮੋਰਚਿਆਂ ਵੱਲੋਂ ਸੋਗਤਾਂ ਵਿਚ ਬਹੁਤ ਪ੍ਰਚਾਰ ਕੀਤਾ। ਸ: ਹਰਚੰਦ ਸਿੰਘ ਲਾਇਲਪੁਰੀ ਤੇ ਸ: ਤੇਜਾ ਸਿੰਘ ਸਮੁੰਦਰੀ ਨਾਲ ਆਪ ਦੀ ਬਹੁਤ ਨੇੜਤਾ ਰਹੀ। ਜਥੇ ਮੁਤਾਬਿਕ ਆਪ ਜੀ ਨੇ ਤਕਰੀਬਨ 5 ਲਖ ਸਿੰਘਾਂ ਨੂੰ ਅੰਮ੍ਰਿਤ ਛਕਾਇਆ।

ਆਪ ਨੇ ਆਪਣੇ ਜਨਮ ਪਿੰਡ ਭਿੰਡਰਕਲਾਂ ਵਿਚ 'ਗੁਰਦਵਾਰਾ ਅਖੰਡ ਪ੍ਰਕਾਸ਼' ਬਣਾਇਆ। ਫਿਰੋਜ਼ਪੁਰ ਕਲਾਂ ਦਾ ਗੁਰਦਵਾਰਾ ਵੀ

ਅਗੇ ਸਫਾ 21 (ਦਮਦਮੀ ਟਕਸਾਲ)
